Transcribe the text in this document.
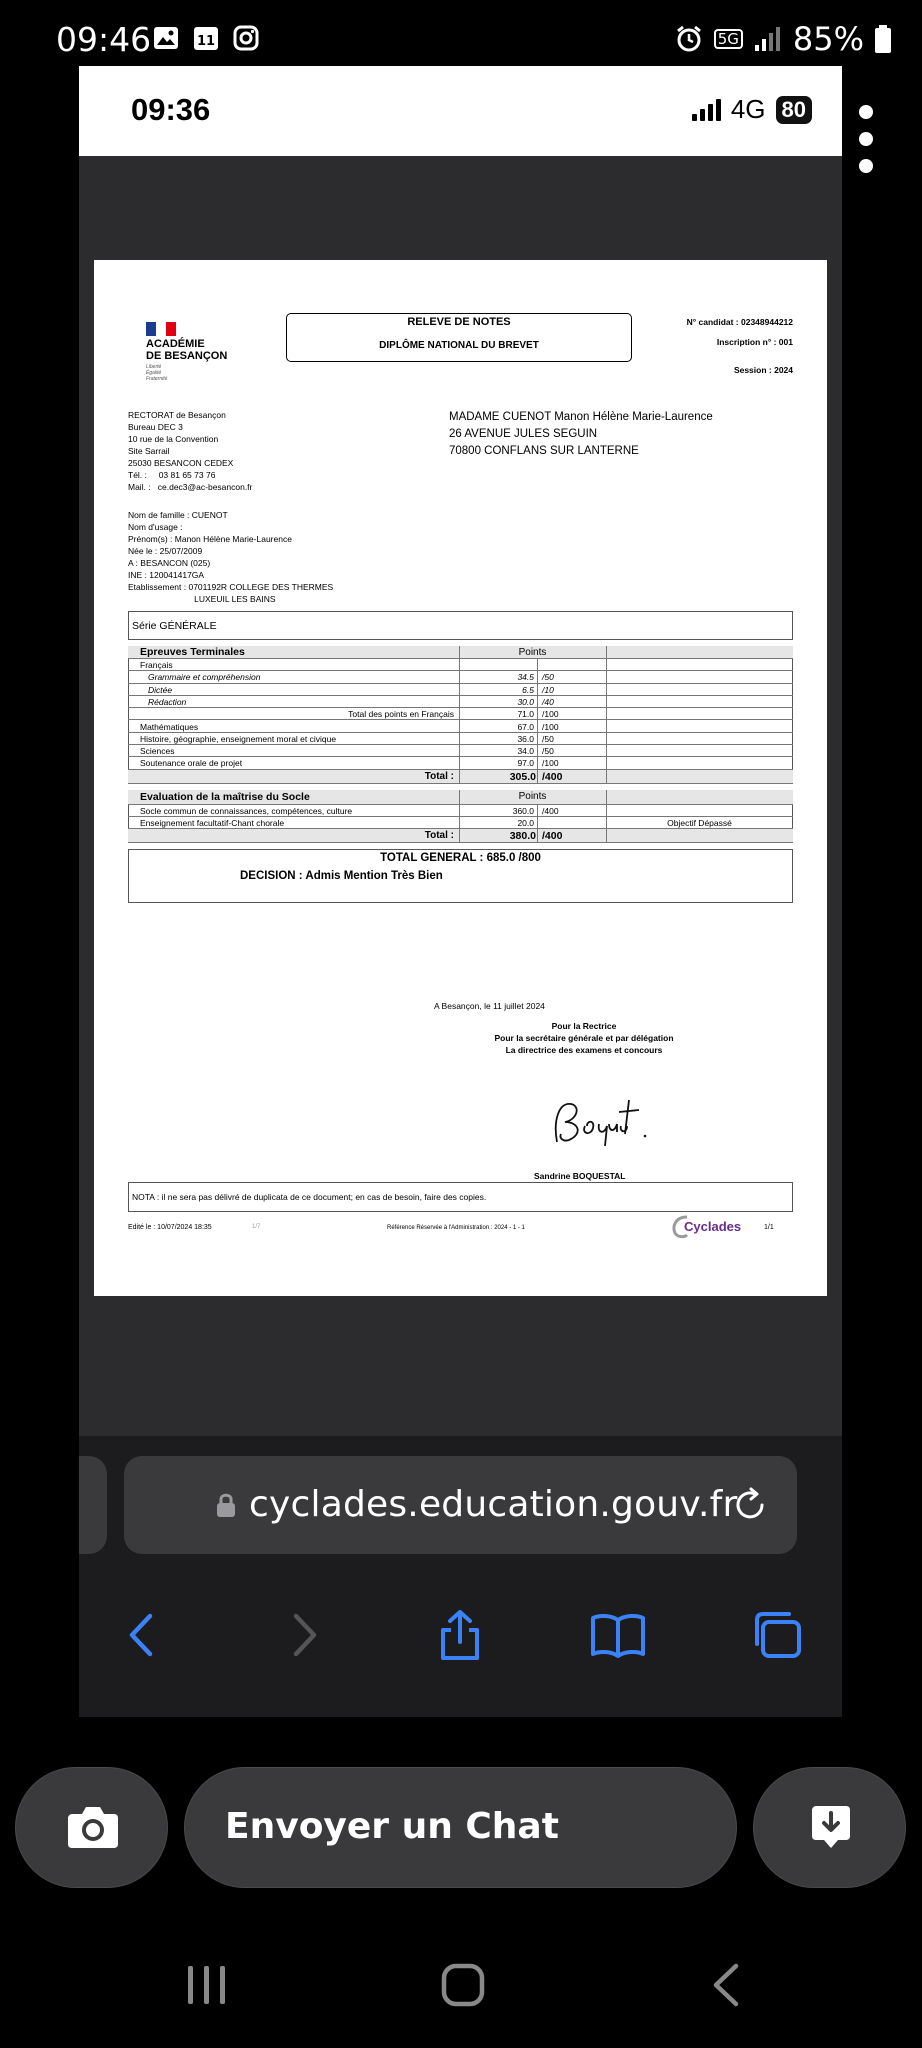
09:46	11	5G 85%
09:36	4G 80
ACADÉMIE
DE BESANÇON
Liberté
Égalité
Fraternité
RELEVE DE NOTES
DIPLÔME NATIONAL DU BREVET
N° candidat : 02348944212
Inscription n° : 001
Session : 2024
RECTORAT de Besançon
Bureau DEC 3
10 rue de la Convention
Site Sarrail
25030 BESANCON CEDEX
Tél. :     03 81 65 73 76
Mail. :   ce.dec3@ac-besancon.fr
MADAME CUENOT Manon Hélène Marie-Laurence
26 AVENUE JULES SEGUIN
70800 CONFLANS SUR LANTERNE
Nom de famille : CUENOT
Nom d'usage :
Prénom(s) : Manon Hélène Marie-Laurence
Née le : 25/07/2009
A : BESANCON (025)
INE : 120041417GA
Etablissement : 0701192R COLLEGE DES THERMES
LUXEUIL LES BAINS
Série GÉNÉRALE
Epreuves Terminales	Points
Français
Grammaire et compréhension	34.5 /50
Dictée	6.5 /10
Rédaction	30.0 /40
Total des points en Français	71.0 /100
Mathématiques	67.0 /100
Histoire, géographie, enseignement moral et civique	36.0 /50
Sciences	34.0 /50
Soutenance orale de projet	97.0 /100
Total :	305.0 /400
Evaluation de la maîtrise du Socle	Points
Socle commun de connaissances, compétences, culture	360.0 /400
Enseignement facultatif-Chant chorale	20.0	Objectif Dépassé
Total :	380.0 /400
TOTAL GENERAL : 685.0 /800
DECISION : Admis Mention Très Bien
A Besançon, le 11 juillet 2024
Pour la Rectrice
Pour la secrétaire générale et par délégation
La directrice des examens et concours
Sandrine BOQUESTAL
NOTA : il ne sera pas délivré de duplicata de ce document; en cas de besoin, faire des copies.
Edité le : 10/07/2024 18:35	1/7	Référence Réservée à l'Administration : 2024 - 1 - 1	Cyclades	1/1
cyclades.education.gouv.fr
Envoyer un Chat
